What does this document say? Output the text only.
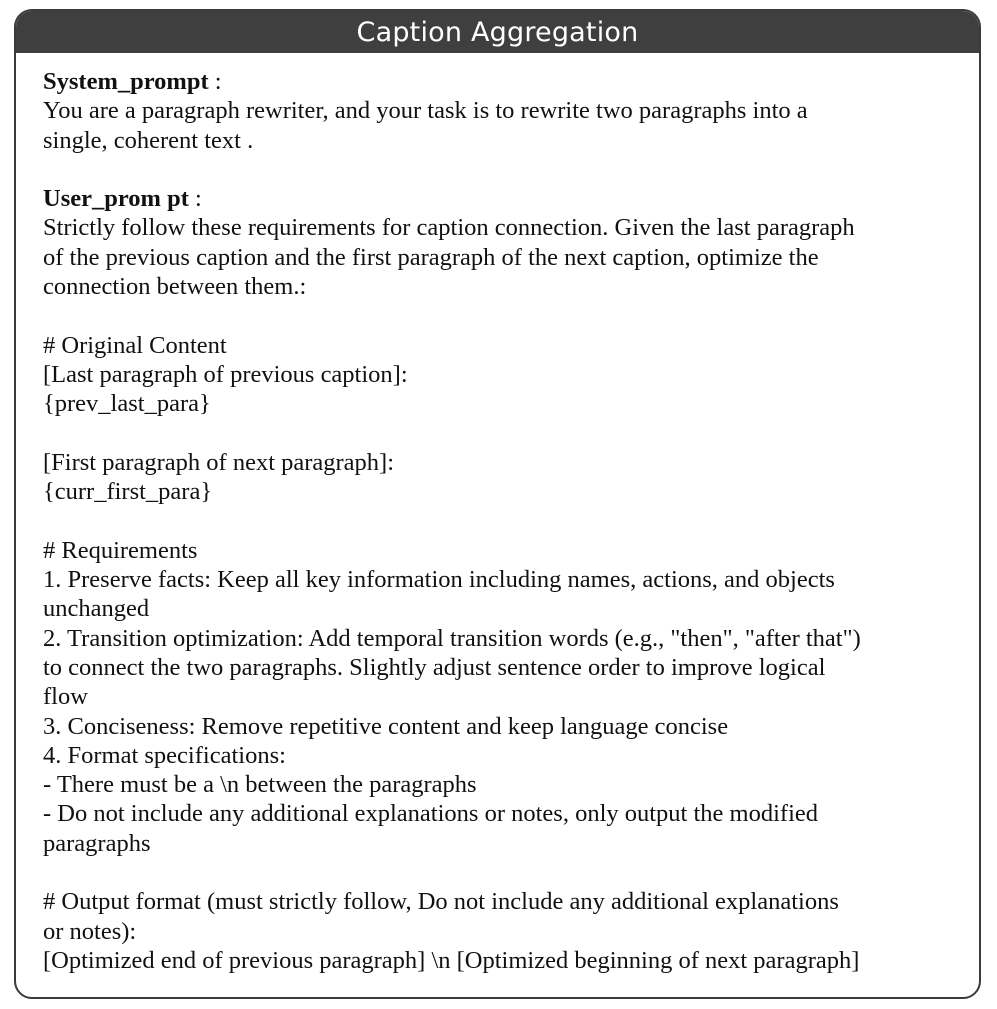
Caption Aggregation
System_prompt :
You are a paragraph rewriter, and your task is to rewrite two paragraphs into a
single, coherent text .
User_prom pt :
Strictly follow these requirements for caption connection. Given the last paragraph
of the previous caption and the first paragraph of the next caption, optimize the
connection between them.:
# Original Content
[Last paragraph of previous caption]:
{prev_last_para}
[First paragraph of next paragraph]:
{curr_first_para}
# Requirements
1. Preserve facts: Keep all key information including names, actions, and objects
unchanged
2. Transition optimization: Add temporal transition words (e.g., "then", "after that")
to connect the two paragraphs. Slightly adjust sentence order to improve logical
flow
3. Conciseness: Remove repetitive content and keep language concise
4. Format specifications:
- There must be a \n between the paragraphs
- Do not include any additional explanations or notes, only output the modified
paragraphs
# Output format (must strictly follow, Do not include any additional explanations
or notes):
[Optimized end of previous paragraph] \n [Optimized beginning of next paragraph]
